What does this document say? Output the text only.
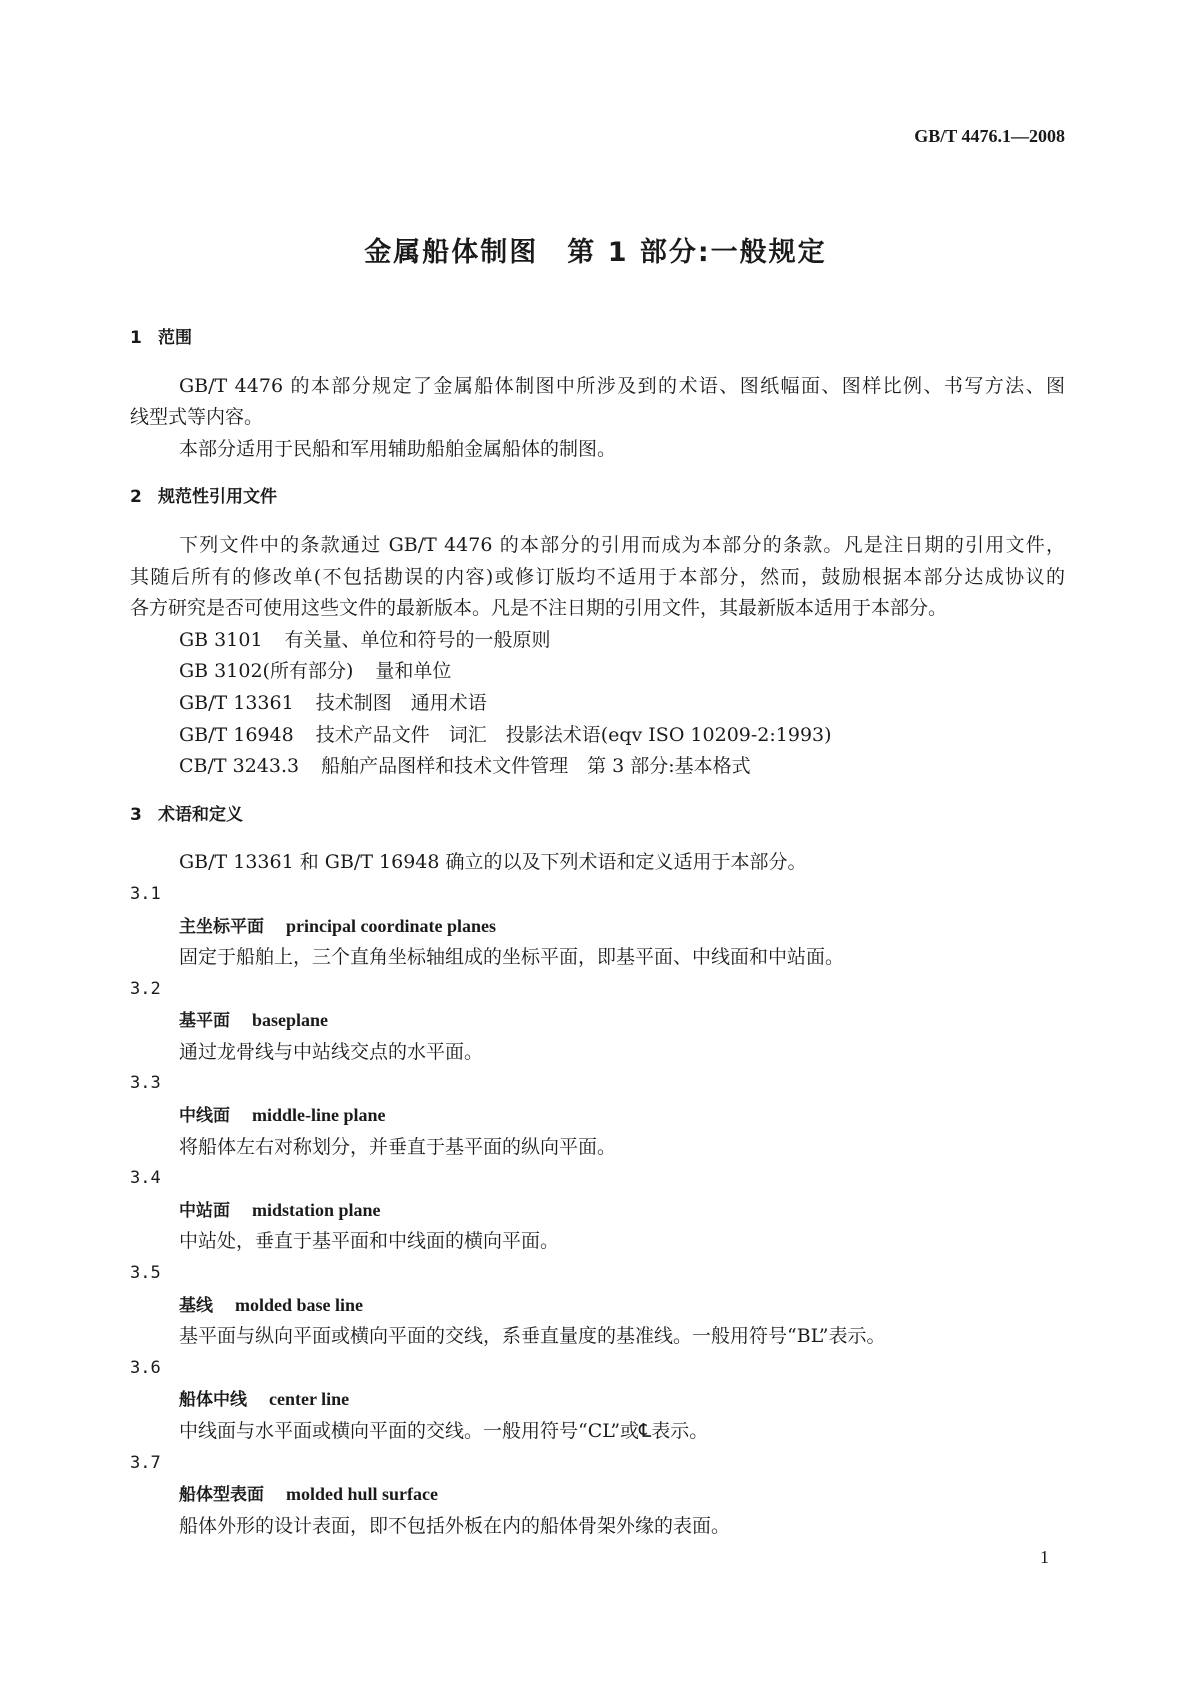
GB/T 4476.1—2008
金属船体制图　第 1 部分:一般规定
1 范围
GB/T 4476 的本部分规定了金属船体制图中所涉及到的术语、图纸幅面、图样比例、书写方法、图
线型式等内容。
本部分适用于民船和军用辅助船舶金属船体的制图。
2 规范性引用文件
下列文件中的条款通过 GB/T 4476 的本部分的引用而成为本部分的条款。凡是注日期的引用文件，
其随后所有的修改单(不包括勘误的内容)或修订版均不适用于本部分，然而，鼓励根据本部分达成协议的
各方研究是否可使用这些文件的最新版本。凡是不注日期的引用文件，其最新版本适用于本部分。
GB 3101 有关量、单位和符号的一般原则
GB 3102(所有部分) 量和单位
GB/T 13361 技术制图　通用术语
GB/T 16948 技术产品文件　词汇　投影法术语(eqv ISO 10209-2:1993)
CB/T 3243.3 船舶产品图样和技术文件管理　第 3 部分:基本格式
3 术语和定义
GB/T 13361 和 GB/T 16948 确立的以及下列术语和定义适用于本部分。
3.1
主坐标平面 principal coordinate planes
固定于船舶上，三个直角坐标轴组成的坐标平面，即基平面、中线面和中站面。
3.2
基平面 baseplane
通过龙骨线与中站线交点的水平面。
3.3
中线面 middle-line plane
将船体左右对称划分，并垂直于基平面的纵向平面。
3.4
中站面 midstation plane
中站处，垂直于基平面和中线面的横向平面。
3.5
基线 molded base line
基平面与纵向平面或横向平面的交线，系垂直量度的基准线。一般用符号“BL”表示。
3.6
船体中线 center line
中线面与水平面或横向平面的交线。一般用符号“CL”或℄表示。
3.7
船体型表面 molded hull surface
船体外形的设计表面，即不包括外板在内的船体骨架外缘的表面。
1
